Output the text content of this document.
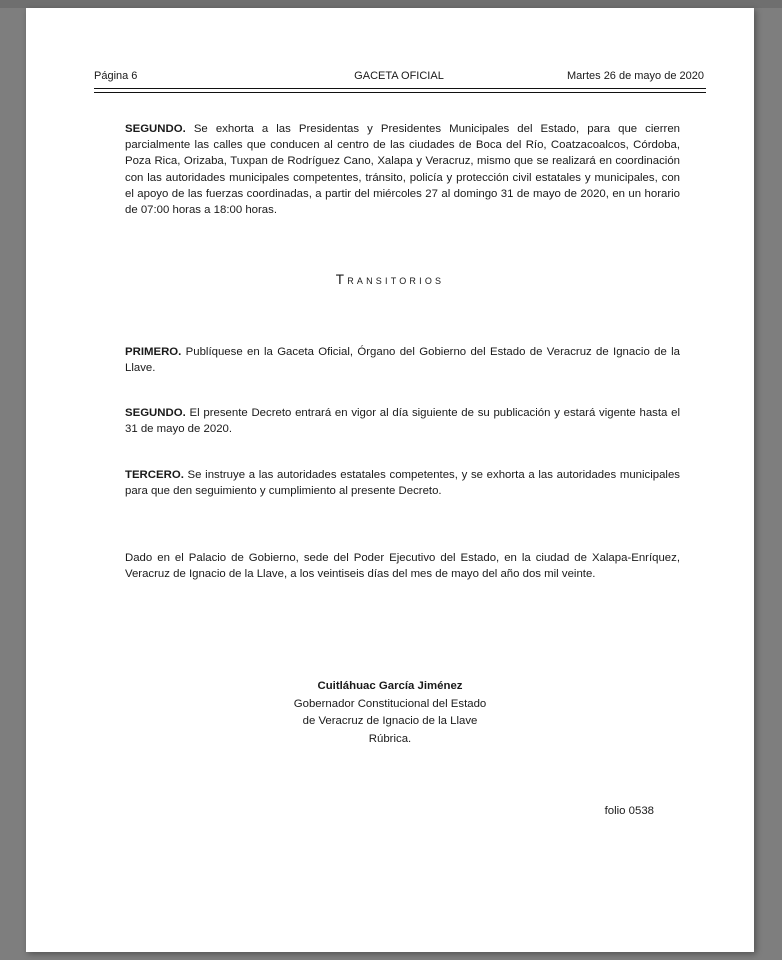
Página 6	GACETA OFICIAL	Martes 26 de mayo de 2020

SEGUNDO. Se exhorta a las Presidentas y Presidentes Municipales del Estado, para que cierren parcialmente las calles que conducen al centro de las ciudades de Boca del Río, Coatzacoalcos, Córdoba, Poza Rica, Orizaba, Tuxpan de Rodríguez Cano, Xalapa y Veracruz, mismo que se realizará en coordinación con las autoridades municipales competentes, tránsito, policía y protección civil estatales y municipales, con el apoyo de las fuerzas coordinadas, a partir del miércoles 27 al domingo 31 de mayo de 2020, en un horario de 07:00 horas a 18:00 horas.

Transitorios

PRIMERO. Publíquese en la Gaceta Oficial, Órgano del Gobierno del Estado de Veracruz de Ignacio de la Llave.

SEGUNDO. El presente Decreto entrará en vigor al día siguiente de su publicación y estará vigente hasta el 31 de mayo de 2020.

TERCERO. Se instruye a las autoridades estatales competentes, y se exhorta a las autoridades municipales para que den seguimiento y cumplimiento al presente Decreto.

Dado en el Palacio de Gobierno, sede del Poder Ejecutivo del Estado, en la ciudad de Xalapa-Enríquez, Veracruz de Ignacio de la Llave, a los veintiseis días del mes de mayo del año dos mil veinte.

Cuitláhuac García Jiménez
Gobernador Constitucional del Estado
de Veracruz de Ignacio de la Llave
Rúbrica.
folio 0538
